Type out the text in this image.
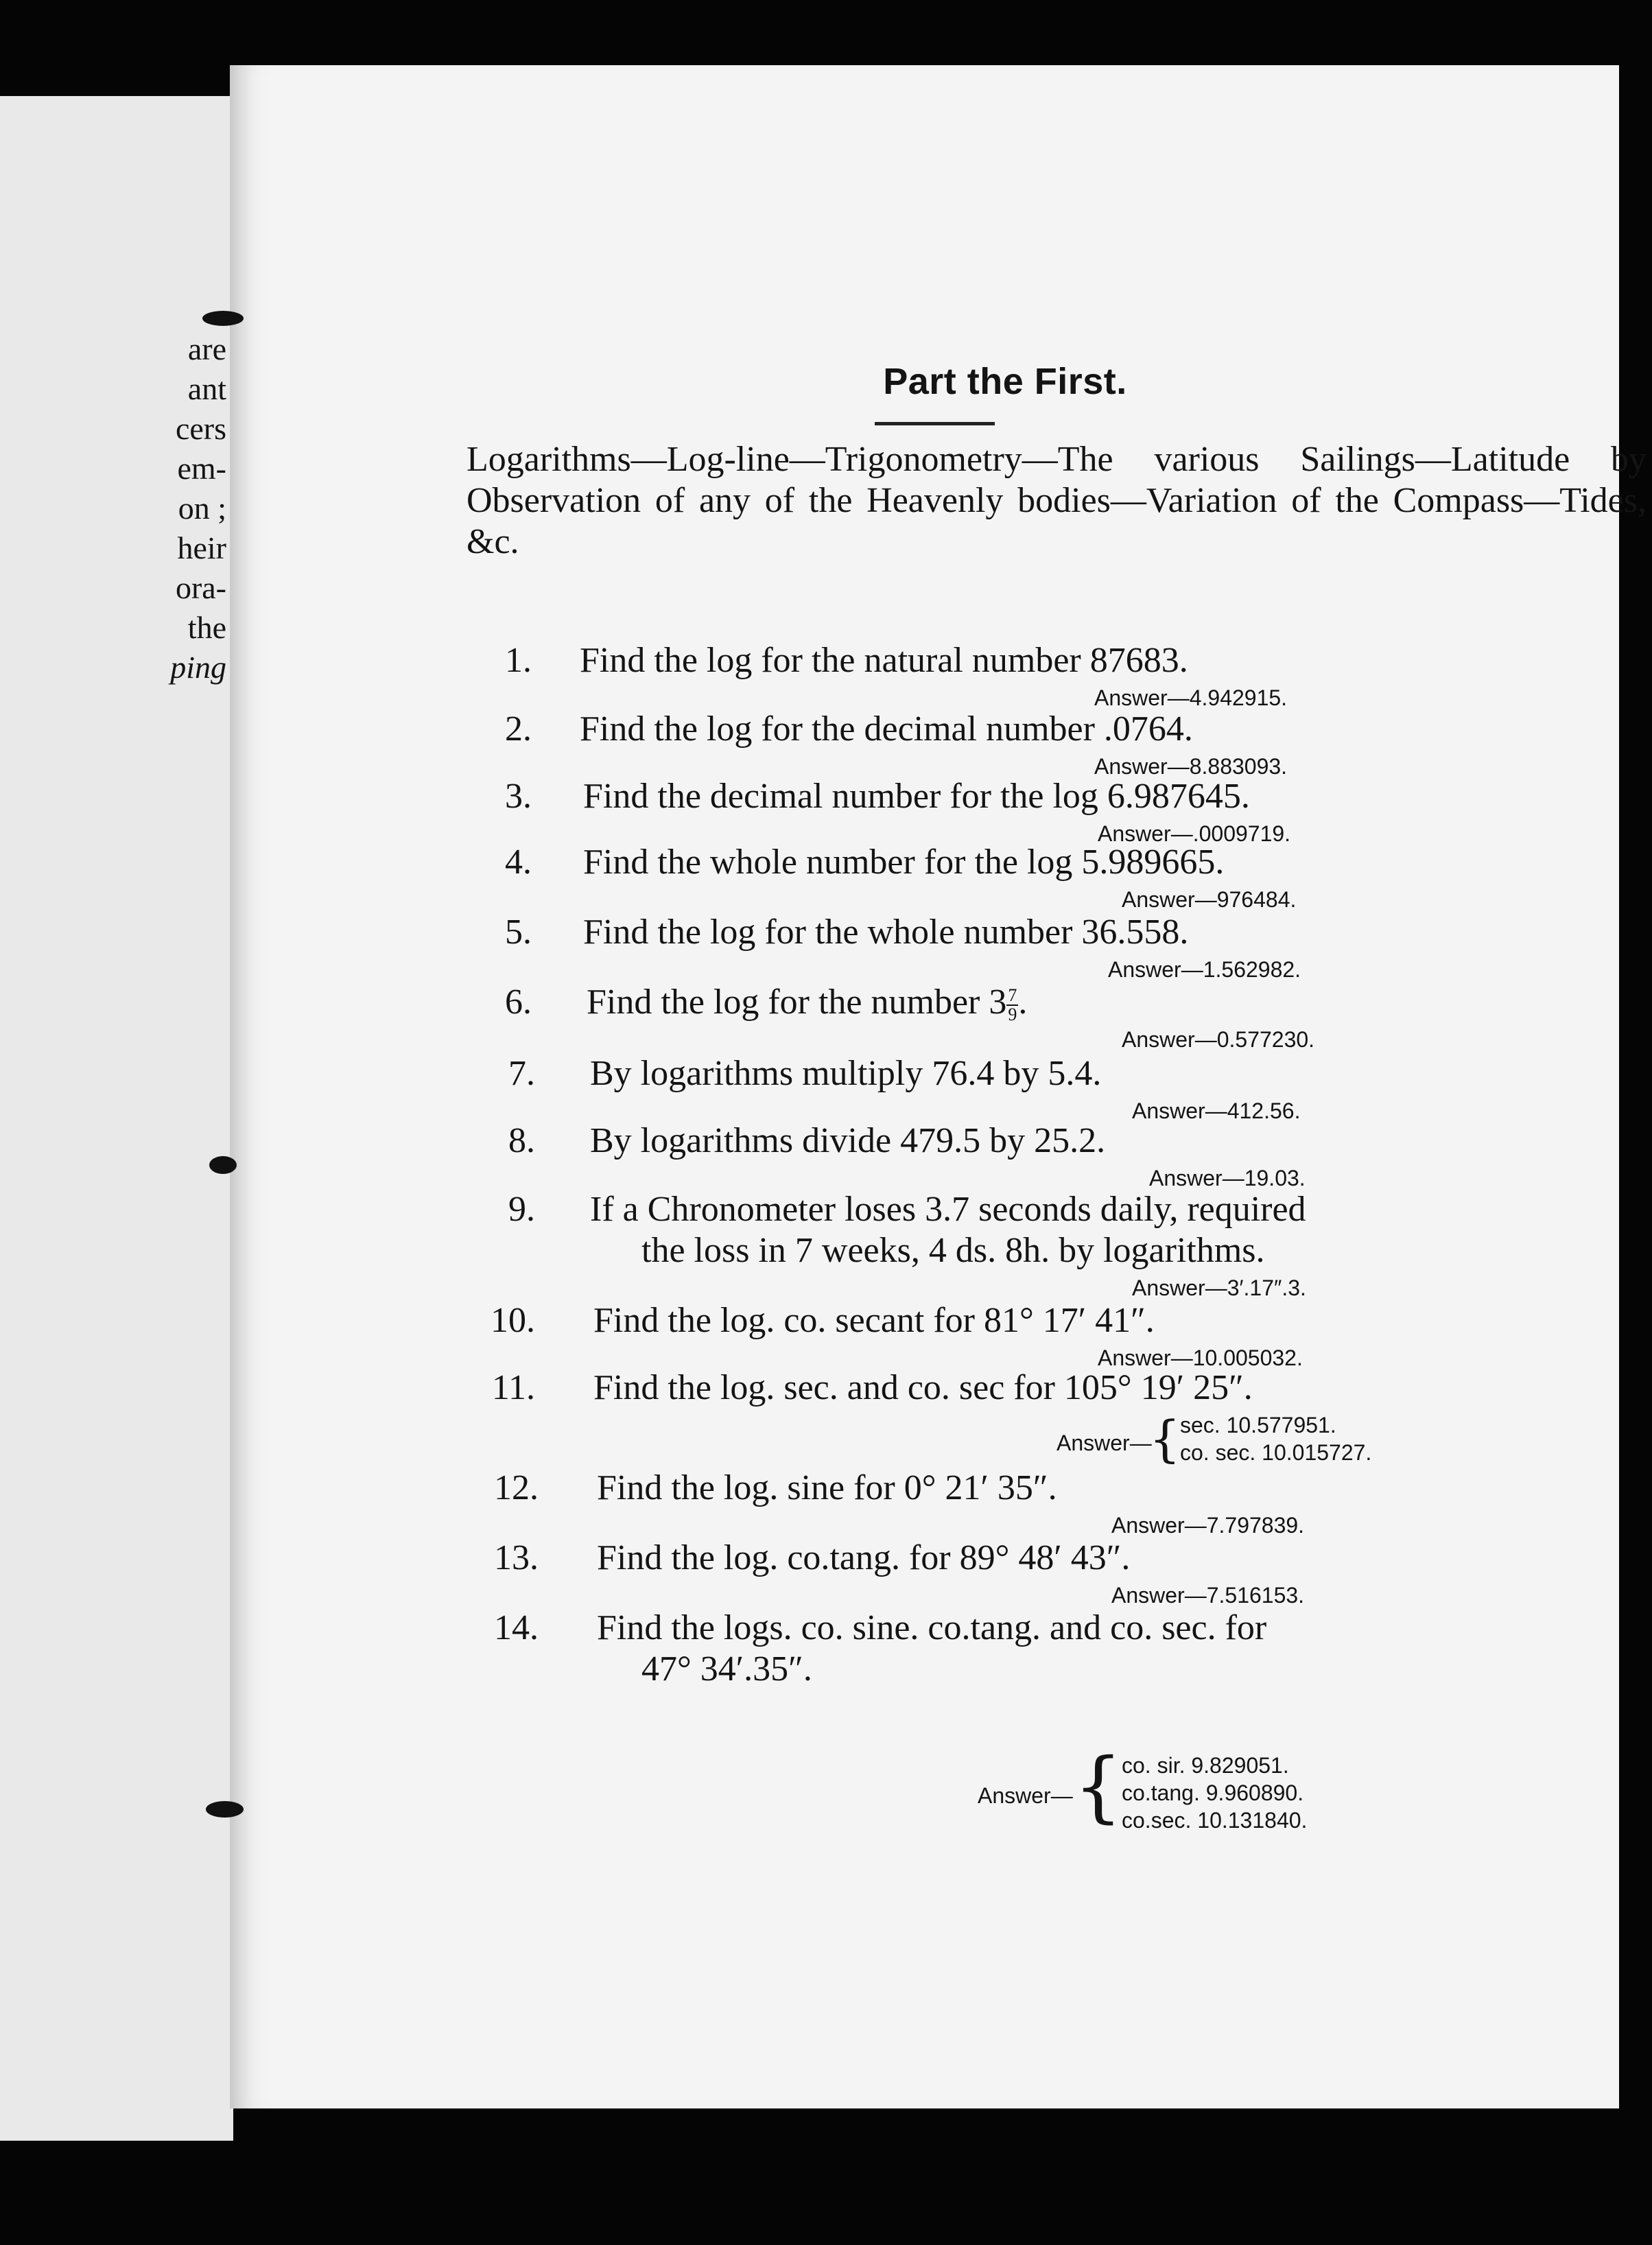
are
ant
cers
em-
on ;
heir
ora-
the
ping
Part the First.
Logarithms—Log-line—Trigonometry—The various Sailings—Latitude by Observation of any of the Heavenly bodies—Variation of the Compass—Tides, &c.
1. Find the log for the natural number 87683.
Answer—4.942915.
2. Find the log for the decimal number .0764.
Answer—8.883093.
3. Find the decimal number for the log 6.987645.
Answer—.0009719.
4. Find the whole number for the log 5.989665.
Answer—976484.
5. Find the log for the whole number 36.558.
Answer—1.562982.
6. Find the log for the number $3 \frac{7}{9}$ .
Answer—0.577230.
7. By logarithms multiply 76.4 by 5.4.
Answer—412.56.
8. By logarithms divide 479.5 by 25.2.
Answer—19.03.
9. If a Chronometer loses 3.7 seconds daily, required
the loss in 7 weeks, 4 ds. 8h. by logarithms.
Answer—3′.17″.3.
10. Find the log. co. secant for 81° 17′ 41″.
Answer—10.005032.
11. Find the log. sec. and co. sec for 105° 19′ 25″.
Answer—
{ sec. 10.577951.
co. sec. 10.015727.
12. Find the log. sine for 0° 21′ 35″.
Answer—7.797839.
13. Find the log. co.tang. for 89° 48′ 43″.
Answer—7.516153.
14. Find the logs. co. sine. co.tang. and co. sec. for
47° 34′.35″.
Answer— {
co. sir. 9.829051.
co.tang. 9.960890.
co.sec. 10.131840.
